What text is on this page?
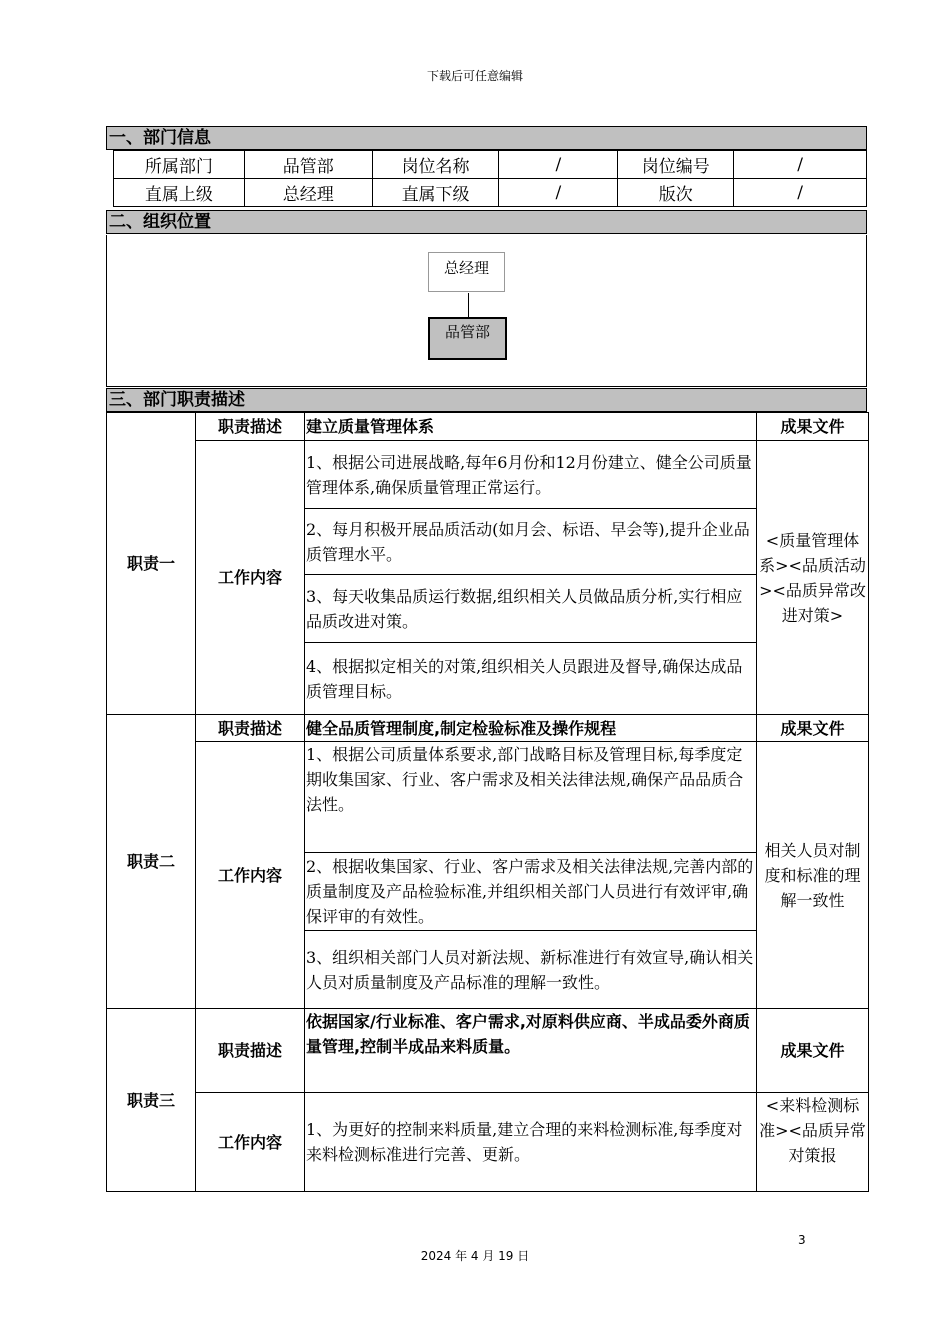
下载后可任意编辑
一、部门信息
所属部门	品管部	岗位名称	/	岗位编号	/
直属上级	总经理	直属下级	/	版次	/
二、组织位置
总经理
品管部
三、部门职责描述
职责一	职责描述	建立质量管理体系	成果文件
	工作内容	1、根据公司进展战略,每年6月份和12月份建立、健全公司质量管理体系,确保质量管理正常运行。	<质量管理体系><品质活动><品质异常改进对策>
		2、每月积极开展品质活动(如月会、标语、早会等),提升企业品质管理水平。	
		3、每天收集品质运行数据,组织相关人员做品质分析,实行相应品质改进对策。	
		4、根据拟定相关的对策,组织相关人员跟进及督导,确保达成品质管理目标。	
职责二	职责描述	健全品质管理制度,制定检验标准及操作规程	成果文件
	工作内容	1、根据公司质量体系要求,部门战略目标及管理目标,每季度定期收集国家、行业、客户需求及相关法律法规,确保产品品质合法性。	相关人员对制度和标准的理解一致性
		2、根据收集国家、行业、客户需求及相关法律法规,完善内部的质量制度及产品检验标准,并组织相关部门人员进行有效评审,确保评审的有效性。	
		3、组织相关部门人员对新法规、新标准进行有效宣导,确认相关人员对质量制度及产品标准的理解一致性。	
职责三	职责描述	依据国家/行业标准、客户需求,对原料供应商、半成品委外商质量管理,控制半成品来料质量。	成果文件
	工作内容	1、为更好的控制来料质量,建立合理的来料检测标准,每季度对来料检测标准进行完善、更新。	<来料检测标准><品质异常对策报
3
2024 年 4 月 19 日
